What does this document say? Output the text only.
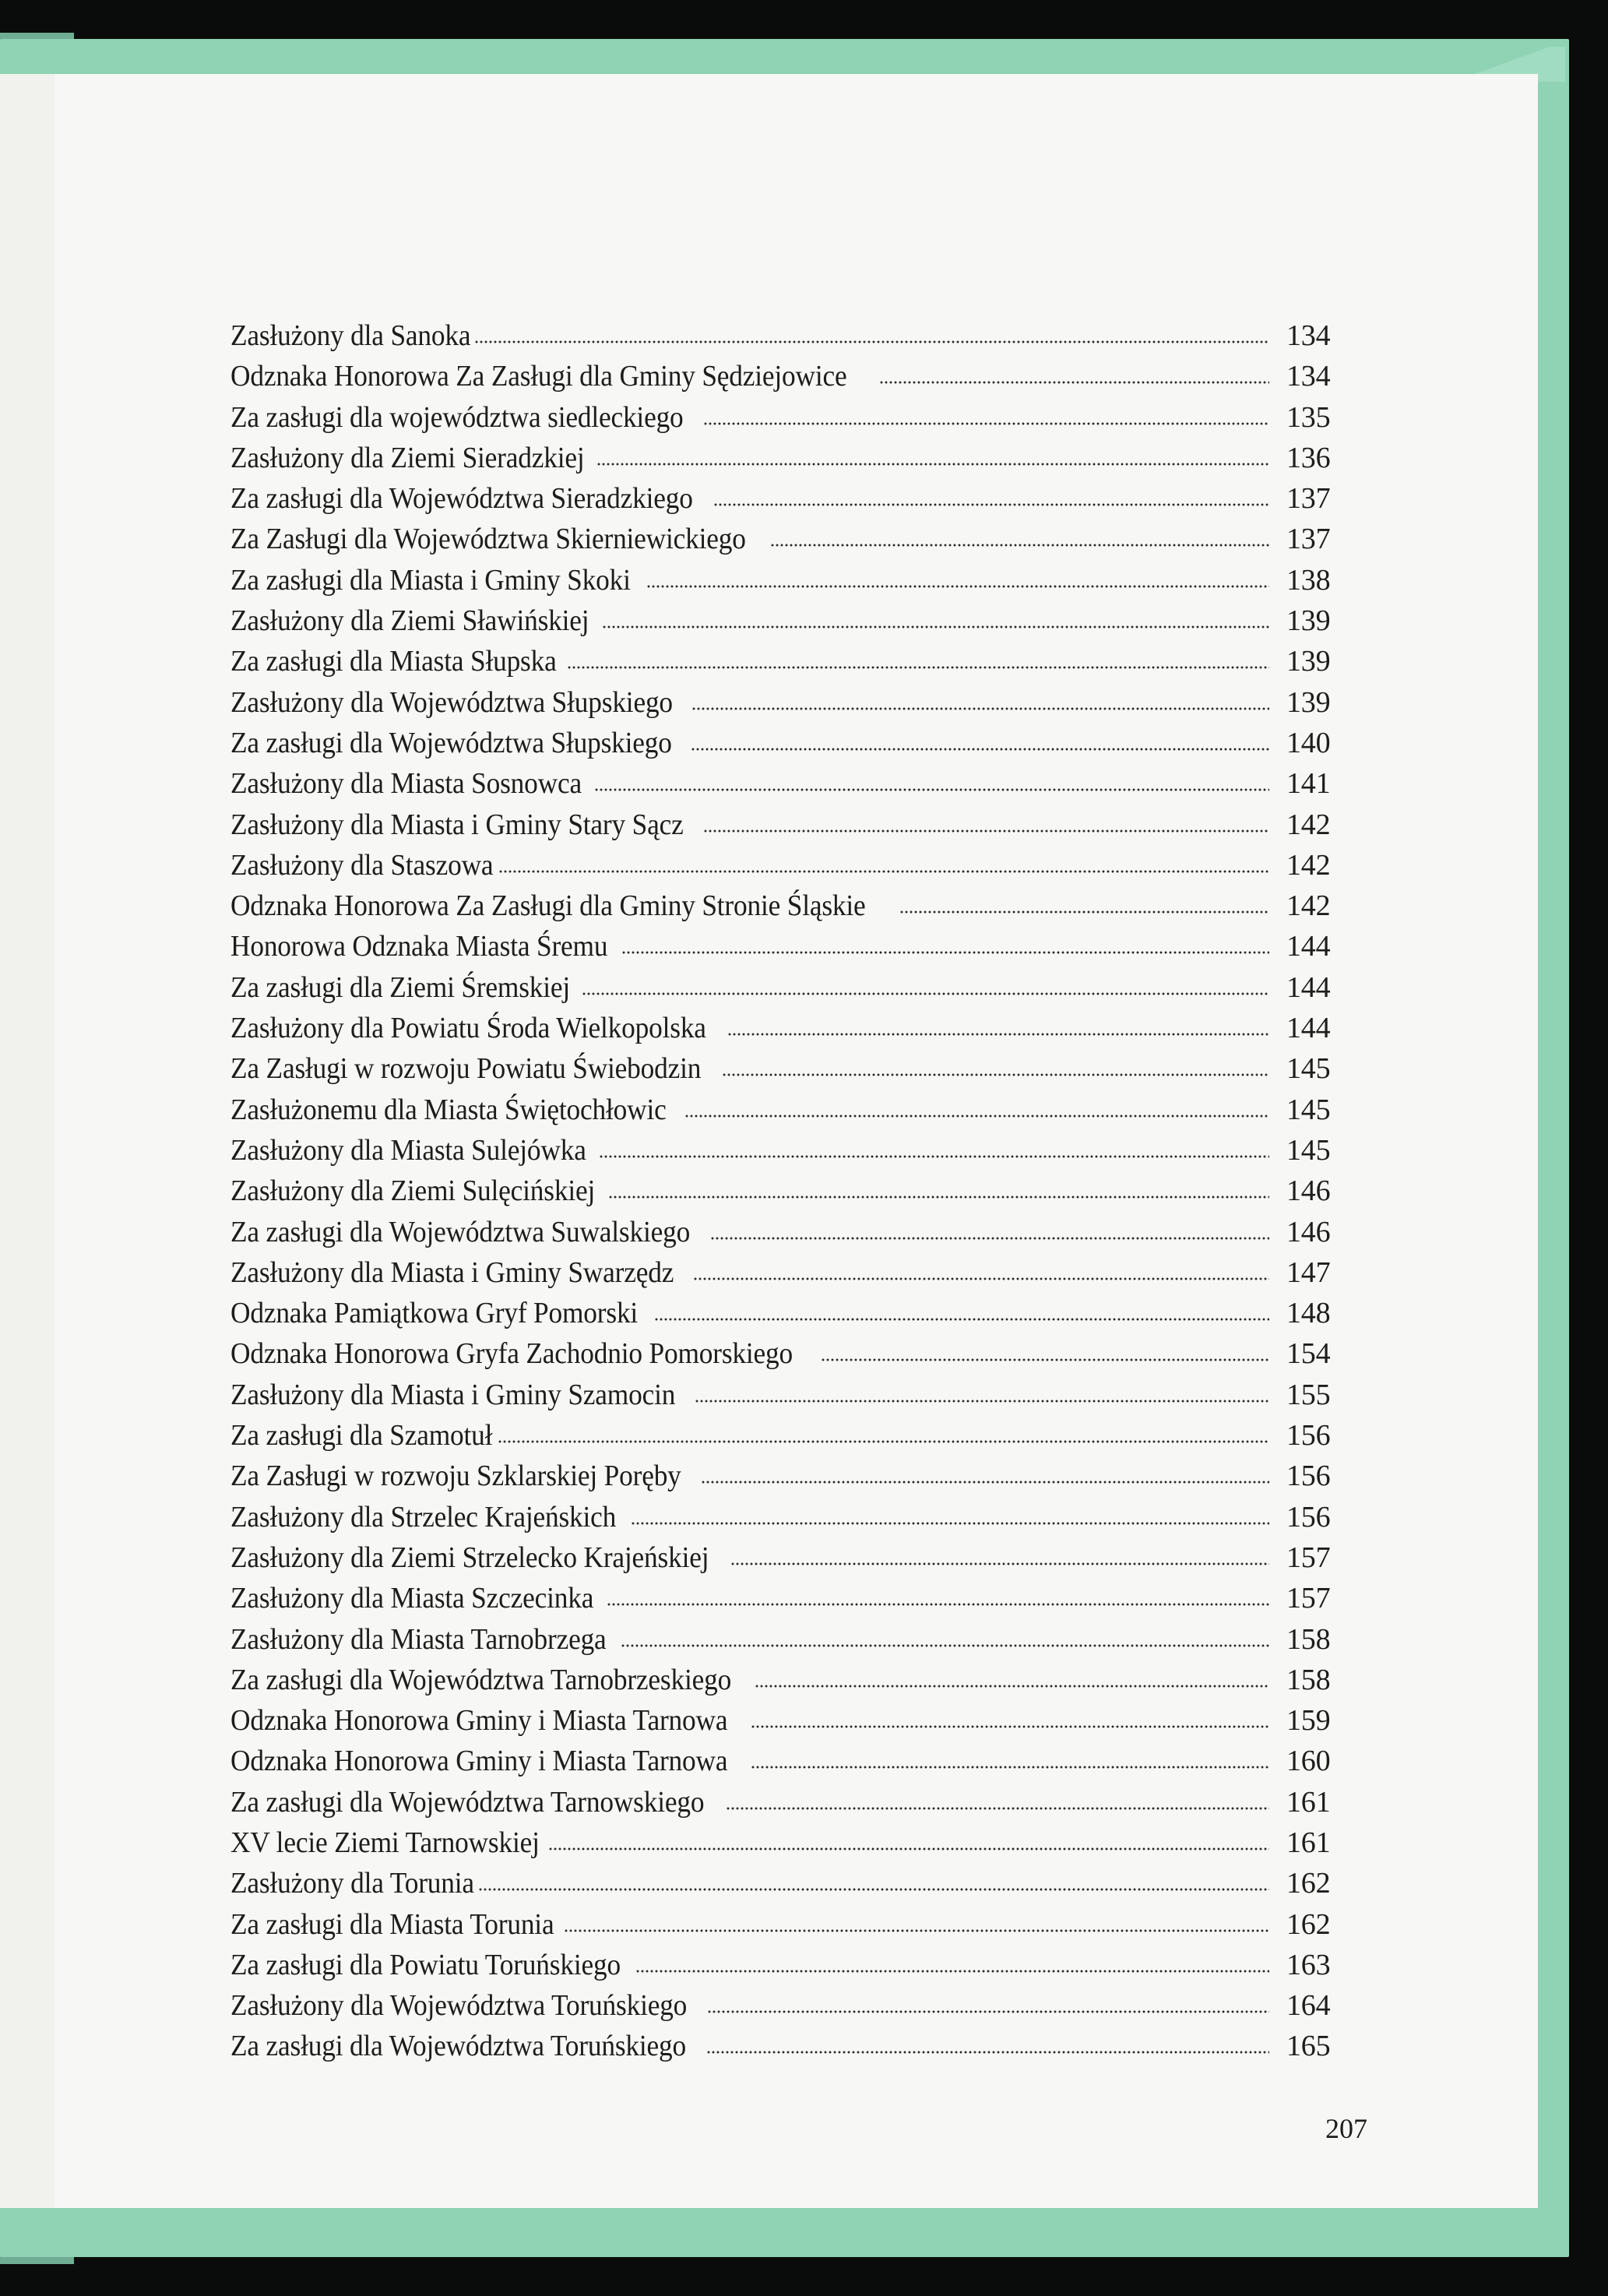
Zasłużony dla Sanoka	134
Odznaka Honorowa Za Zasługi dla Gminy Sędziejowice	134
Za zasługi dla województwa siedleckiego	135
Zasłużony dla Ziemi Sieradzkiej	136
Za zasługi dla Województwa Sieradzkiego	137
Za Zasługi dla Województwa Skierniewickiego	137
Za zasługi dla Miasta i Gminy Skoki	138
Zasłużony dla Ziemi Sławińskiej	139
Za zasługi dla Miasta Słupska	139
Zasłużony dla Województwa Słupskiego	139
Za zasługi dla Województwa Słupskiego	140
Zasłużony dla Miasta Sosnowca	141
Zasłużony dla Miasta i Gminy Stary Sącz	142
Zasłużony dla Staszowa	142
Odznaka Honorowa Za Zasługi dla Gminy Stronie Śląskie	142
Honorowa Odznaka Miasta Śremu	144
Za zasługi dla Ziemi Śremskiej	144
Zasłużony dla Powiatu Środa Wielkopolska	144
Za Zasługi w rozwoju Powiatu Świebodzin	145
Zasłużonemu dla Miasta Świętochłowic	145
Zasłużony dla Miasta Sulejówka	145
Zasłużony dla Ziemi Sulęcińskiej	146
Za zasługi dla Województwa Suwalskiego	146
Zasłużony dla Miasta i Gminy Swarzędz	147
Odznaka Pamiątkowa Gryf Pomorski	148
Odznaka Honorowa Gryfa Zachodnio Pomorskiego	154
Zasłużony dla Miasta i Gminy Szamocin	155
Za zasługi dla Szamotuł	156
Za Zasługi w rozwoju Szklarskiej Poręby	156
Zasłużony dla Strzelec Krajeńskich	156
Zasłużony dla Ziemi Strzelecko Krajeńskiej	157
Zasłużony dla Miasta Szczecinka	157
Zasłużony dla Miasta Tarnobrzega	158
Za zasługi dla Województwa Tarnobrzeskiego	158
Odznaka Honorowa Gminy i Miasta Tarnowa	159
Odznaka Honorowa Gminy i Miasta Tarnowa	160
Za zasługi dla Województwa Tarnowskiego	161
XV lecie Ziemi Tarnowskiej	161
Zasłużony dla Torunia	162
Za zasługi dla Miasta Torunia	162
Za zasługi dla Powiatu Toruńskiego	163
Zasłużony dla Województwa Toruńskiego	164
Za zasługi dla Województwa Toruńskiego	165
207
